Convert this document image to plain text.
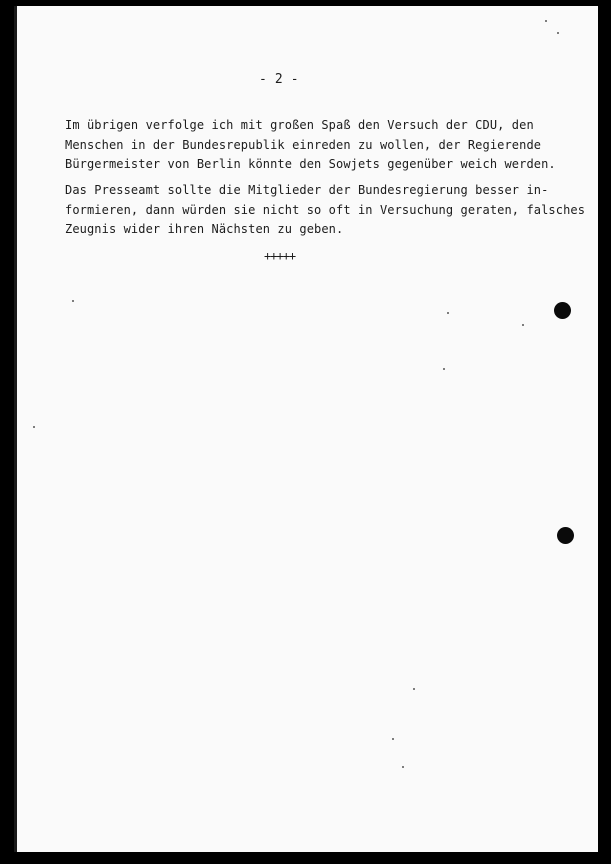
- 2 -
Im übrigen verfolge ich mit großen Spaß den Versuch der CDU, den
Menschen in der Bundesrepublik einreden zu wollen, der Regierende
Bürgermeister von Berlin könnte den Sowjets gegenüber weich werden.
Das Presseamt sollte die Mitglieder der Bundesregierung besser in-
formieren, dann würden sie nicht so oft in Versuchung geraten, falsches
Zeugnis wider ihren Nächsten zu geben.
+++++
